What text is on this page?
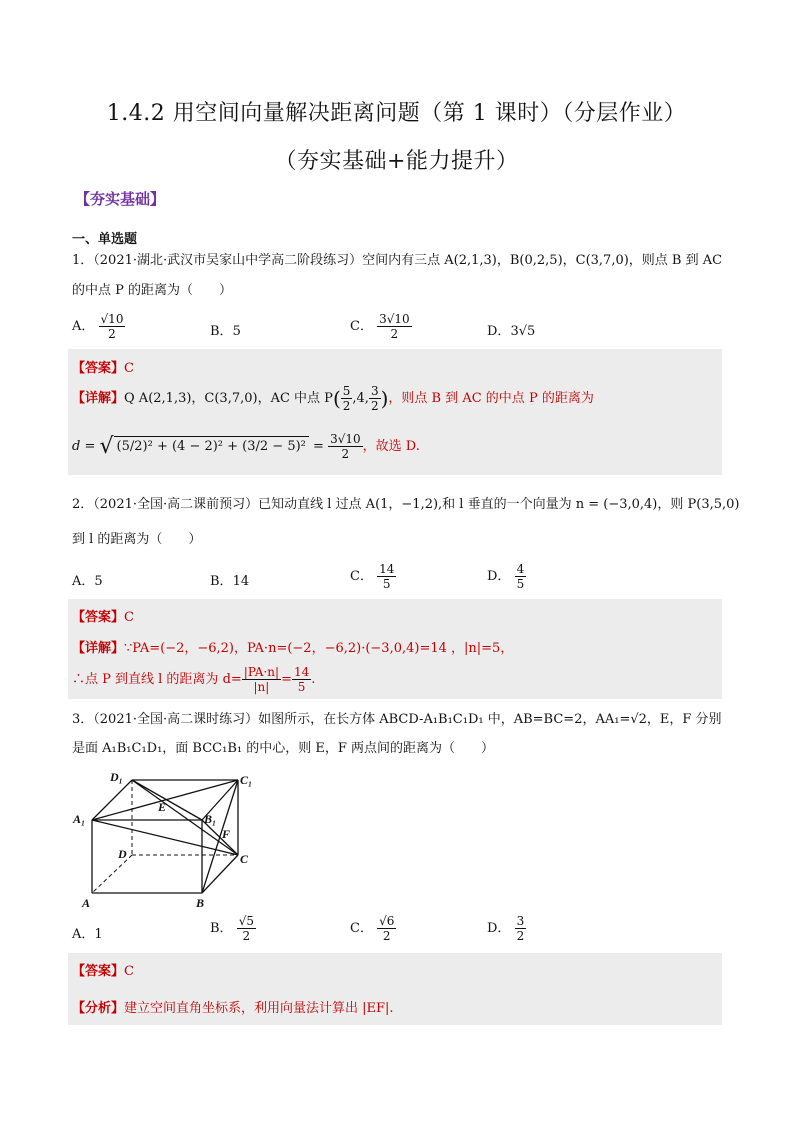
1.4.2 用空间向量解决距离问题（第 1 课时）（分层作业）
（夯实基础+能力提升）
【夯实基础】
一、单选题
1．（2021·湖北·武汉市吴家山中学高二阶段练习）空间内有三点 A(2,1,3)，B(0,2,5)，C(3,7,0)，则点 B 到 AC
的中点 P 的距离为（　　）
A． $\frac{√10}{2}$	B．5	C． $\frac{3√10}{2}$	D．3√5
【答案】C
【详解】Q A(2,1,3)，C(3,7,0)，AC 中点 $P( \frac{5}{2} ,4$, $\frac{3}{2}$ )，则点 B 到 AC 的中点 P 的距离为
d = √ $(5/2)^2 + (4 - 2)^2 + (3/2 - 5)^2 = \frac{3√10}{2}$ ，故选 D.
2．（2021·全国·高二课前预习）已知动直线 l 过点 A(1，−1,2),和 l 垂直的一个向量为 n = (−3,0,4)，则 P(3,5,0)
到 l 的距离为（　　）
A．5	B．14	C． $\frac{14}{5}$	D． $\frac{4}{5}$
【答案】C
【详解】∵PA=(−2，−6,2)，PA·n=(−2，−6,2)·(−3,0,4)=14 ，|n|=5，
∴点 P 到直线 l 的距离为 $d= \frac{|PA\cdot n|}{|n|} = \frac{14}{5}$ .
3．（2021·全国·高二课时练习）如图所示，在长方体 ABCD-A₁B₁C₁D₁ 中，AB=BC=2，AA₁=√2，E，F 分别
是面 A₁B₁C₁D₁，面 BCC₁B₁ 的中心，则 E，F 两点间的距离为（　　）
D₁	C₁
A₁	B₁
E
F
D	C
A	B
A．1	B． $\frac{√5}{2}$	C． $\frac{√6}{2}$	D． $\frac{3}{2}$
【答案】C
【分析】建立空间直角坐标系，利用向量法计算出 |EF|.
